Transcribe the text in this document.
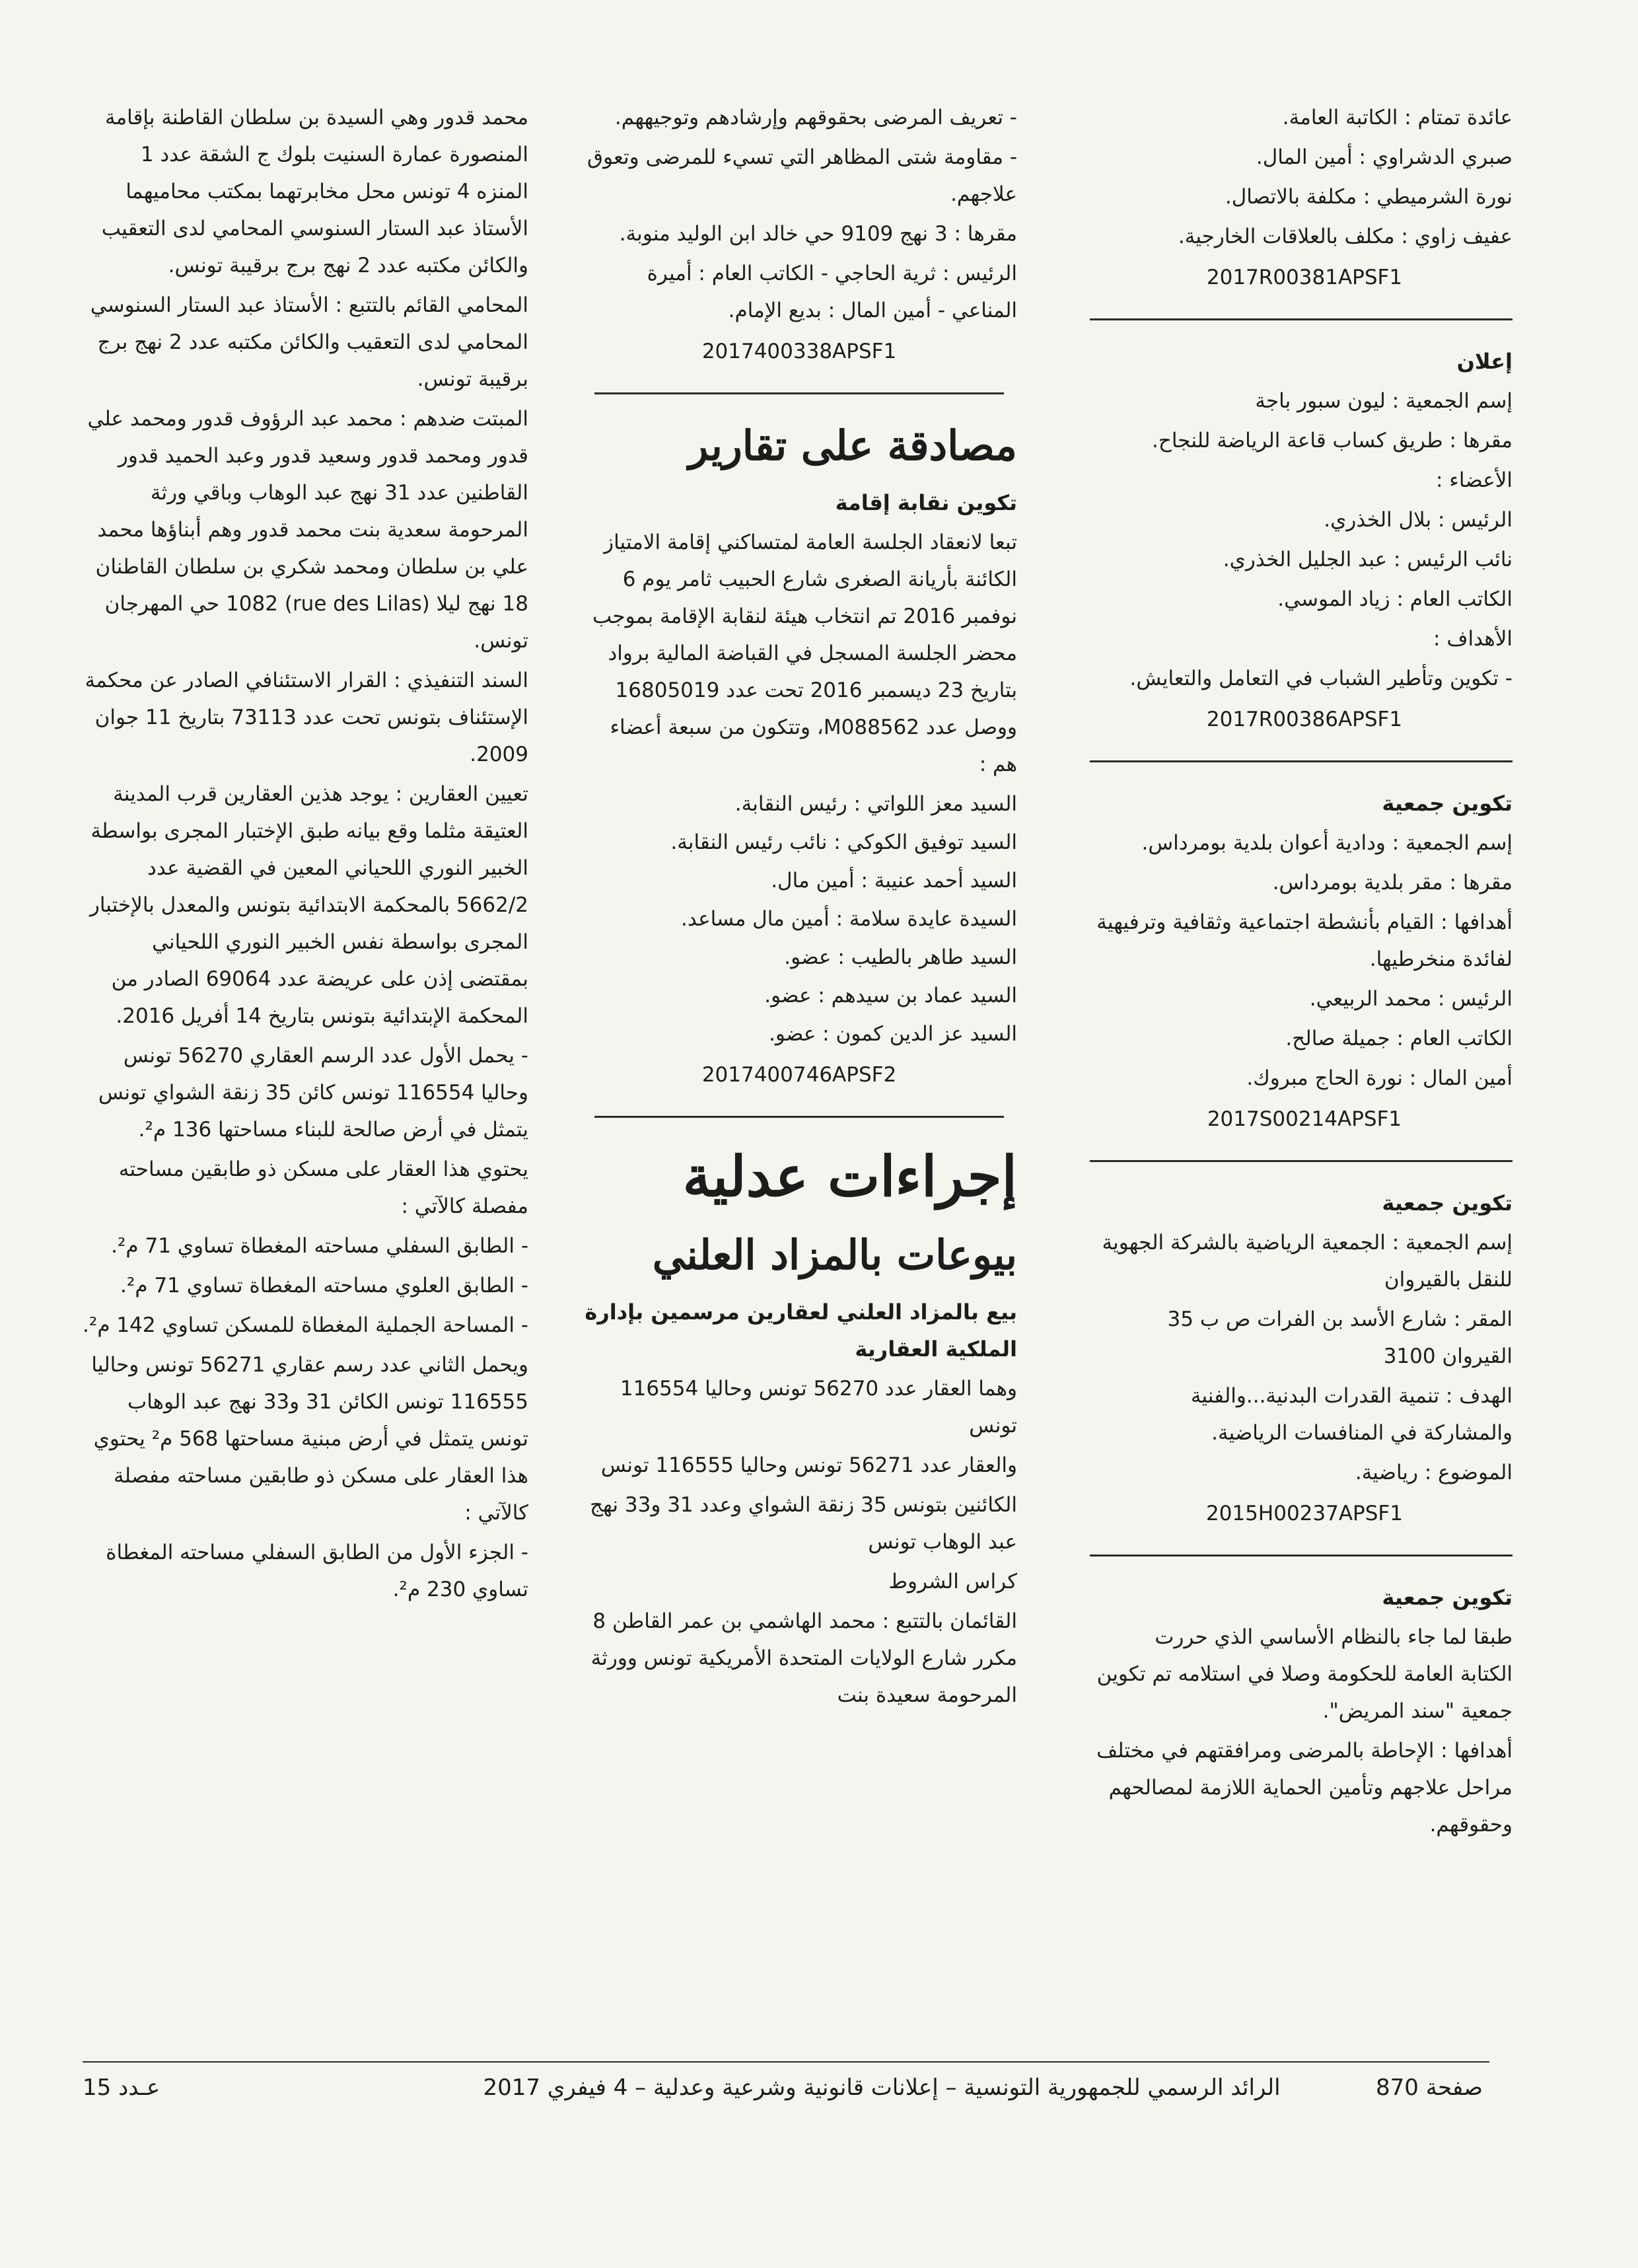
عائدة تمتام : الكاتبة العامة.

صبري الدشراوي : أمين المال.

نورة الشرميطي : مكلفة بالاتصال.

عفيف زاوي : مكلف بالعلاقات الخارجية.

2017R00381APSF1

إعلان

إسم الجمعية : ليون سبور باجة

مقرها : طريق كساب قاعة الرياضة للنجاح.

الأعضاء :

الرئيس : بلال الخذري.

نائب الرئيس : عبد الجليل الخذري.

الكاتب العام : زياد الموسي.

الأهداف :

- تكوين وتأطير الشباب في التعامل والتعايش.

2017R00386APSF1

تكوين جمعية

إسم الجمعية : ودادية أعوان بلدية بومرداس.

مقرها : مقر بلدية بومرداس.

أهدافها : القيام بأنشطة اجتماعية وثقافية وترفيهية لفائدة منخرطيها.

الرئيس : محمد الربيعي.

الكاتب العام : جميلة صالح.

أمين المال : نورة الحاج مبروك.

2017S00214APSF1

تكوين جمعية

إسم الجمعية : الجمعية الرياضية بالشركة الجهوية للنقل بالقيروان

المقر : شارع الأسد بن الفرات ص ب 35 القيروان 3100

الهدف : تنمية القدرات البدنية...والفنية والمشاركة في المنافسات الرياضية.

الموضوع : رياضية.

2015H00237APSF1

تكوين جمعية

طبقا لما جاء بالنظام الأساسي الذي حررت الكتابة العامة للحكومة وصلا في استلامه تم تكوين جمعية "سند المريض".

أهدافها : الإحاطة بالمرضى ومرافقتهم في مختلف مراحل علاجهم وتأمين الحماية اللازمة لمصالحهم وحقوقهم.

- تعريف المرضى بحقوقهم وإرشادهم وتوجيههم.

- مقاومة شتى المظاهر التي تسيء للمرضى وتعوق علاجهم.

مقرها : 3 نهج 9109 حي خالد ابن الوليد منوبة.

الرئيس : ثرية الحاجي - الكاتب العام : أميرة المناعي - أمين المال : بديع الإمام.

2017400338APSF1

مصادقة على تقارير

تكوين نقابة إقامة

تبعا لانعقاد الجلسة العامة لمتساكني إقامة الامتياز الكائنة بأريانة الصغرى شارع الحبيب ثامر يوم 6 نوفمبر 2016 تم انتخاب هيئة لنقابة الإقامة بموجب محضر الجلسة المسجل في القباضة المالية برواد بتاريخ 23 ديسمبر 2016 تحت عدد 16805019 ووصل عدد M088562، وتتكون من سبعة أعضاء هم :

السيد معز اللواتي : رئيس النقابة.

السيد توفيق الكوكي : نائب رئيس النقابة.

السيد أحمد عنيبة : أمين مال.

السيدة عايدة سلامة : أمين مال مساعد.

السيد طاهر بالطيب : عضو.

السيد عماد بن سيدهم : عضو.

السيد عز الدين كمون : عضو.

2017400746APSF2

إجراءات عدلية
بيوعات بالمزاد العلني

بيع بالمزاد العلني لعقارين مرسمين بإدارة الملكية العقارية

وهما العقار عدد 56270 تونس وحاليا 116554 تونس

والعقار عدد 56271 تونس وحاليا 116555 تونس

الكائنين بتونس 35 زنقة الشواي وعدد 31 و33 نهج عبد الوهاب تونس

كراس الشروط

القائمان بالتتبع : محمد الهاشمي بن عمر القاطن 8 مكرر شارع الولايات المتحدة الأمريكية تونس وورثة المرحومة سعيدة بنت

محمد قدور وهي السيدة بن سلطان القاطنة بإقامة المنصورة عمارة السنيت بلوك ج الشقة عدد 1 المنزه 4 تونس محل مخابرتهما بمكتب محاميهما الأستاذ عبد الستار السنوسي المحامي لدى التعقيب والكائن مكتبه عدد 2 نهج برج برقيبة تونس.

المحامي القائم بالتتبع : الأستاذ عبد الستار السنوسي المحامي لدى التعقيب والكائن مكتبه عدد 2 نهج برج برقيبة تونس.

المبتت ضدهم : محمد عبد الرؤوف قدور ومحمد علي قدور ومحمد قدور وسعيد قدور وعبد الحميد قدور القاطنين عدد 31 نهج عبد الوهاب وباقي ورثة المرحومة سعدية بنت محمد قدور وهم أبناؤها محمد علي بن سلطان ومحمد شكري بن سلطان القاطنان 18 نهج ليلا (rue des Lilas) 1082 حي المهرجان تونس.

السند التنفيذي : القرار الاستئنافي الصادر عن محكمة الإستئناف بتونس تحت عدد 73113 بتاريخ 11 جوان 2009.

تعيين العقارين : يوجد هذين العقارين قرب المدينة العتيقة مثلما وقع بيانه طبق الإختبار المجرى بواسطة الخبير النوري اللحياني المعين في القضية عدد 5662/2 بالمحكمة الابتدائية بتونس والمعدل بالإختبار المجرى بواسطة نفس الخبير النوري اللحياني بمقتضى إذن على عريضة عدد 69064 الصادر من المحكمة الإبتدائية بتونس بتاريخ 14 أفريل 2016.

- يحمل الأول عدد الرسم العقاري 56270 تونس وحاليا 116554 تونس كائن 35 زنقة الشواي تونس يتمثل في أرض صالحة للبناء مساحتها 136 م².

يحتوي هذا العقار على مسكن ذو طابقين مساحته مفصلة كالآتي :

- الطابق السفلي مساحته المغطاة تساوي 71 م².

- الطابق العلوي مساحته المغطاة تساوي 71 م².

- المساحة الجملية المغطاة للمسكن تساوي 142 م².

ويحمل الثاني عدد رسم عقاري 56271 تونس وحاليا 116555 تونس الكائن 31 و33 نهج عبد الوهاب تونس يتمثل في أرض مبنية مساحتها 568 م² يحتوي هذا العقار على مسكن ذو طابقين مساحته مفصلة كالآتي :

- الجزء الأول من الطابق السفلي مساحته المغطاة تساوي 230 م².

صفحة 870
الرائد الرسمي للجمهورية التونسية – إعلانات قانونية وشرعية وعدلية – 4 فيفري 2017
عـدد 15
